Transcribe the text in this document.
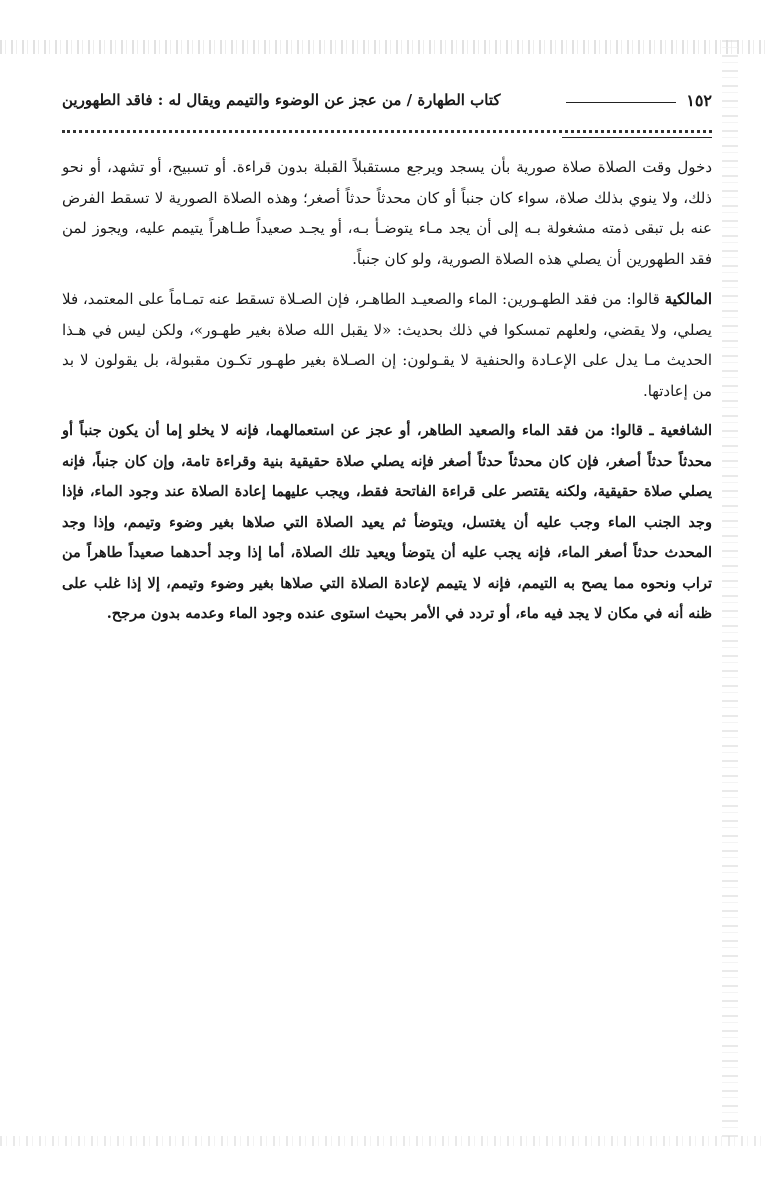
١٥٢
كتاب الطهارة / من عجز عن الوضوء والتيمم ويقال له : فاقد الطهورين

دخول وقت الصلاة صلاة صورية بأن يسجد ويرجع مستقبلاً القبلة بدون قراءة. أو تسبيح، أو تشهد، أو نحو ذلك، ولا ينوي بذلك صلاة، سواء كان جنباً أو كان محدثاً حدثاً أصغر؛ وهذه الصلاة الصورية لا تسقط الفرض عنه بل تبقى ذمته مشغولة بـه إلى أن يجد مـاء يتوضـأ بـه، أو يجـد صعيداً طـاهراً يتيمم عليه، ويجوز لمن فقد الطهورين أن يصلي هذه الصلاة الصورية، ولو كان جنباً.

المالكية قالوا: من فقد الطهـورين: الماء والصعيـد الطاهـر، فإن الصـلاة تسقط عنه تمـاماً على المعتمد، فلا يصلي، ولا يقضي، ولعلهم تمسكوا في ذلك بحديث: «لا يقبل الله صلاة بغير طهـور»، ولكن ليس في هـذا الحديث مـا يدل على الإعـادة والحنفية لا يقـولون: إن الصـلاة بغير طهـور تكـون مقبولة، بل يقولون لا بد من إعادتها.

الشافعية ـ قالوا: من فقد الماء والصعيد الطاهر، أو عجز عن استعمالهما، فإنه لا يخلو إما أن يكون جنباً أو محدثاً حدثاً أصغر، فإن كان محدثاً حدثاً أصغر فإنه يصلي صلاة حقيقية بنية وقراءة تامة، وإن كان جنباً، فإنه يصلي صلاة حقيقية، ولكنه يقتصر على قراءة الفاتحة فقط، ويجب عليهما إعادة الصلاة عند وجود الماء، فإذا وجد الجنب الماء وجب عليه أن يغتسل، ويتوضأ ثم يعيد الصلاة التي صلاها بغير وضوء وتيمم، وإذا وجد المحدث حدثاً أصغر الماء، فإنه يجب عليه أن يتوضأ ويعيد تلك الصلاة، أما إذا وجد أحدهما صعيداً طاهراً من تراب ونحوه مما يصح به التيمم، فإنه لا يتيمم لإعادة الصلاة التي صلاها بغير وضوء وتيمم، إلا إذا غلب على ظنه أنه في مكان لا يجد فيه ماء، أو تردد في الأمر بحيث استوى عنده وجود الماء وعدمه بدون مرجح.
